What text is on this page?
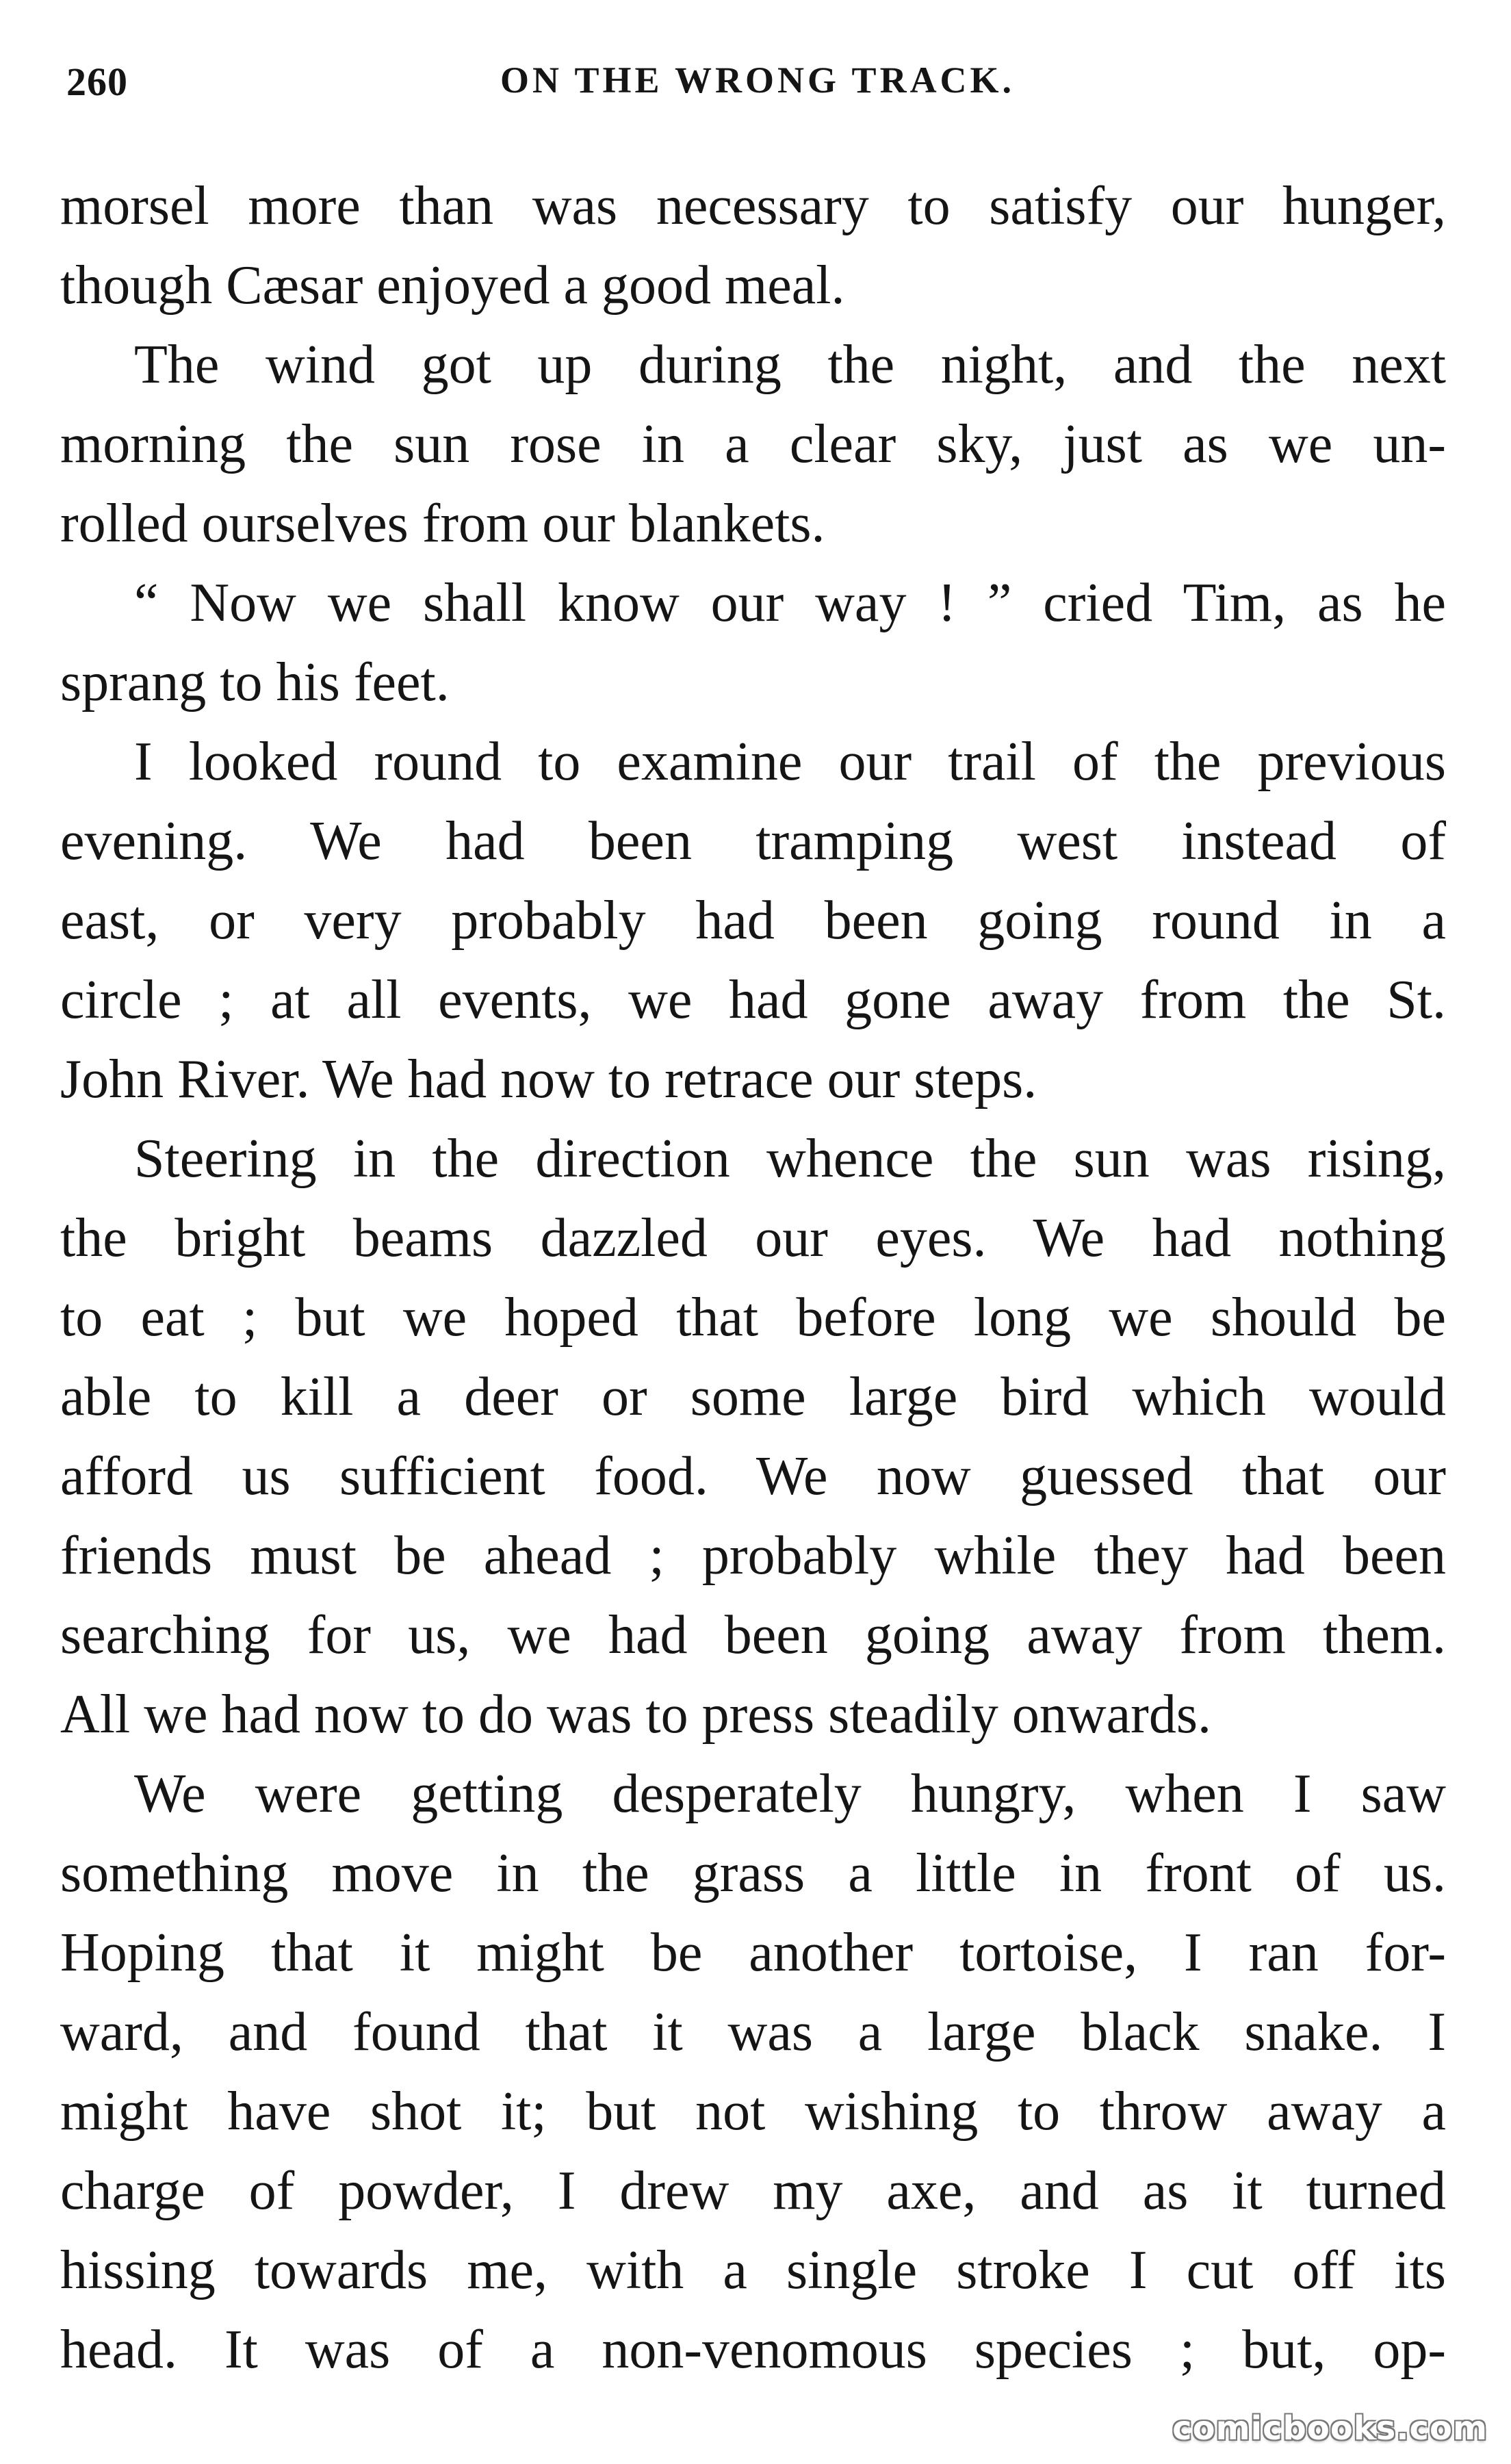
260	ON THE WRONG TRACK.
morsel more than was necessary to satisfy our hunger,
though Cæsar enjoyed a good meal.
The wind got up during the night, and the next
morning the sun rose in a clear sky, just as we un-
rolled ourselves from our blankets.
“ Now we shall know our way ! ” cried Tim, as he
sprang to his feet.
I looked round to examine our trail of the previous
evening. We had been tramping west instead of
east, or very probably had been going round in a
circle ; at all events, we had gone away from the St.
John River. We had now to retrace our steps.
Steering in the direction whence the sun was rising,
the bright beams dazzled our eyes. We had nothing
to eat ; but we hoped that before long we should be
able to kill a deer or some large bird which would
afford us sufficient food. We now guessed that our
friends must be ahead ; probably while they had been
searching for us, we had been going away from them.
All we had now to do was to press steadily onwards.
We were getting desperately hungry, when I saw
something move in the grass a little in front of us.
Hoping that it might be another tortoise, I ran for-
ward, and found that it was a large black snake. I
might have shot it; but not wishing to throw away a
charge of powder, I drew my axe, and as it turned
hissing towards me, with a single stroke I cut off its
head. It was of a non-venomous species ; but, op-
comicbooks.com
